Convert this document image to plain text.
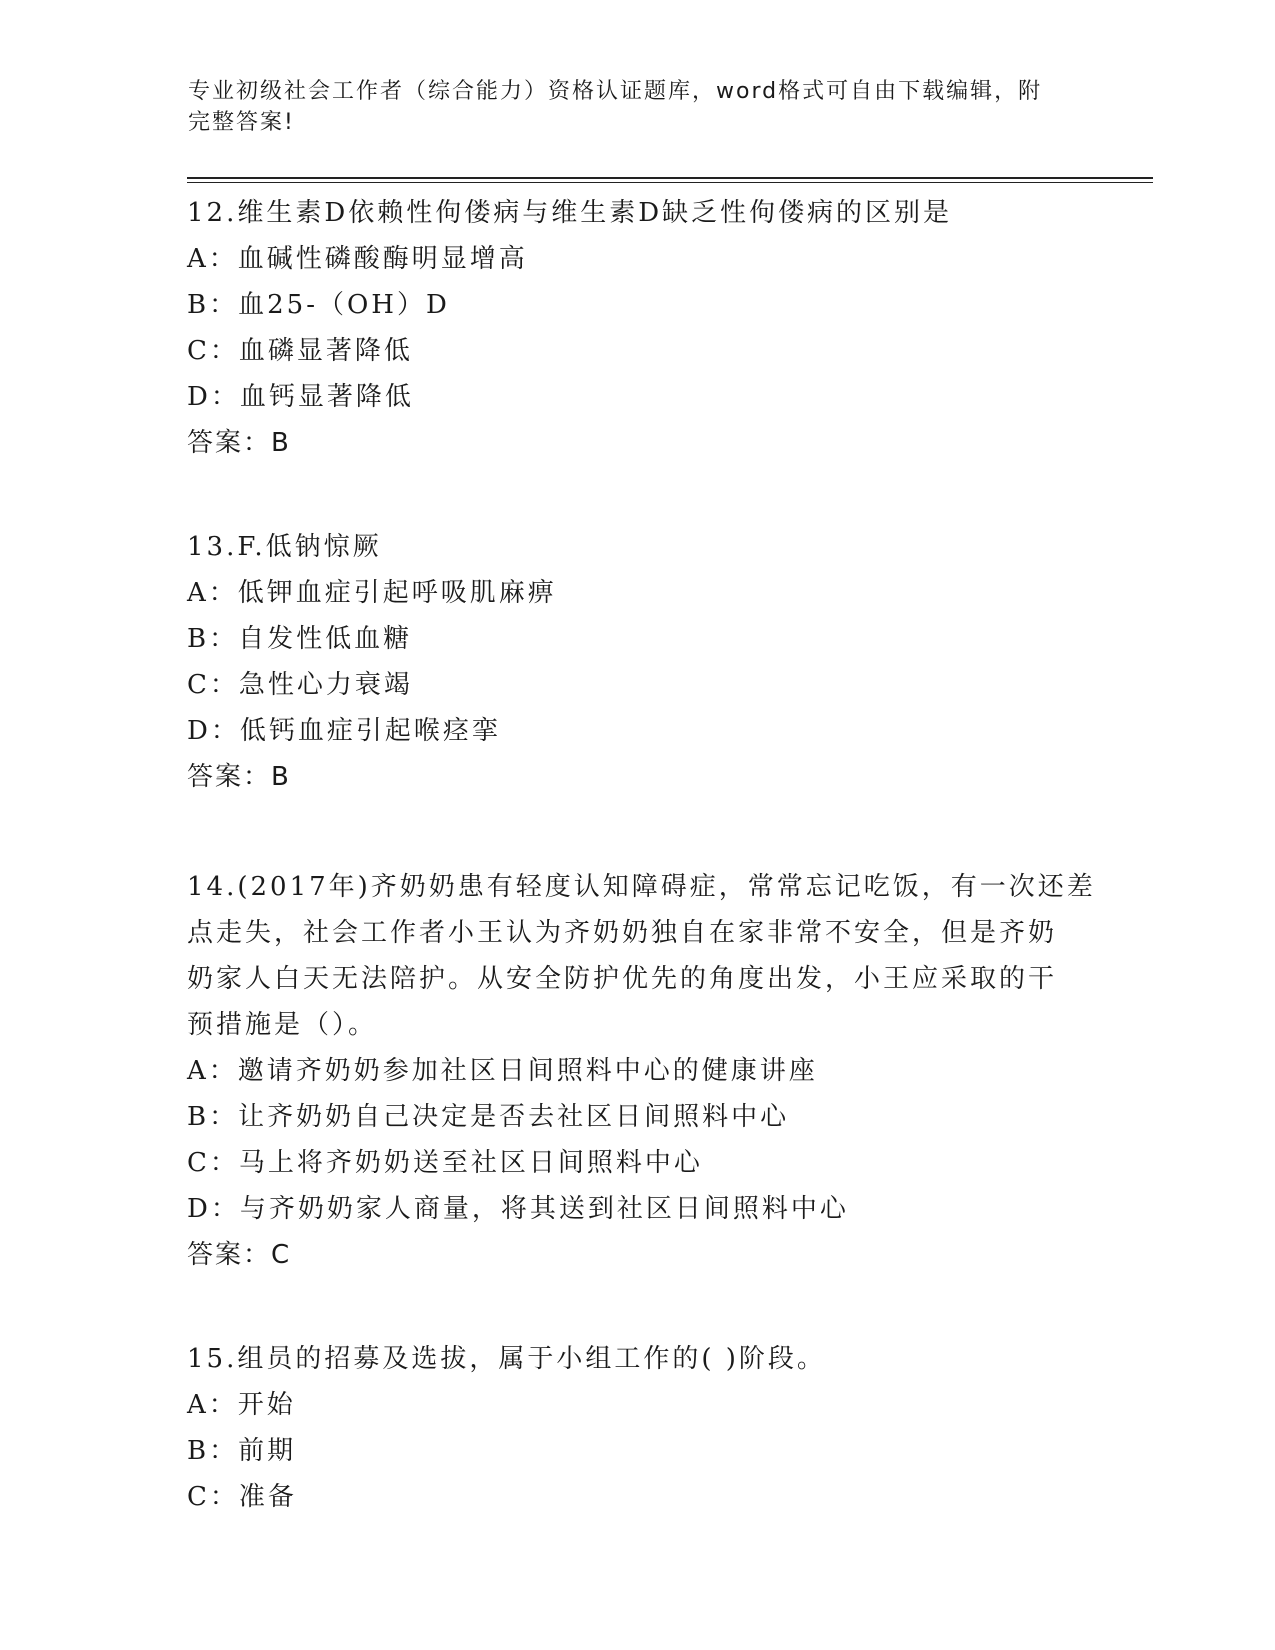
专业初级社会工作者（综合能力）资格认证题库，word格式可自由下载编辑，附
完整答案!
12.维生素D依赖性佝偻病与维生素D缺乏性佝偻病的区别是
A：血碱性磷酸酶明显增高
B：血25-（OH）D
C：血磷显著降低
D：血钙显著降低
答案：B
13.F.低钠惊厥
A：低钾血症引起呼吸肌麻痹
B：自发性低血糖
C：急性心力衰竭
D：低钙血症引起喉痉挛
答案：B
14.(2017年)齐奶奶患有轻度认知障碍症，常常忘记吃饭，有一次还差
点走失，社会工作者小王认为齐奶奶独自在家非常不安全，但是齐奶
奶家人白天无法陪护。从安全防护优先的角度出发，小王应采取的干
预措施是（）。
A：邀请齐奶奶参加社区日间照料中心的健康讲座
B：让齐奶奶自己决定是否去社区日间照料中心
C：马上将齐奶奶送至社区日间照料中心
D：与齐奶奶家人商量，将其送到社区日间照料中心
答案：C
15.组员的招募及选拔，属于小组工作的( )阶段。
A：开始
B：前期
C：准备
